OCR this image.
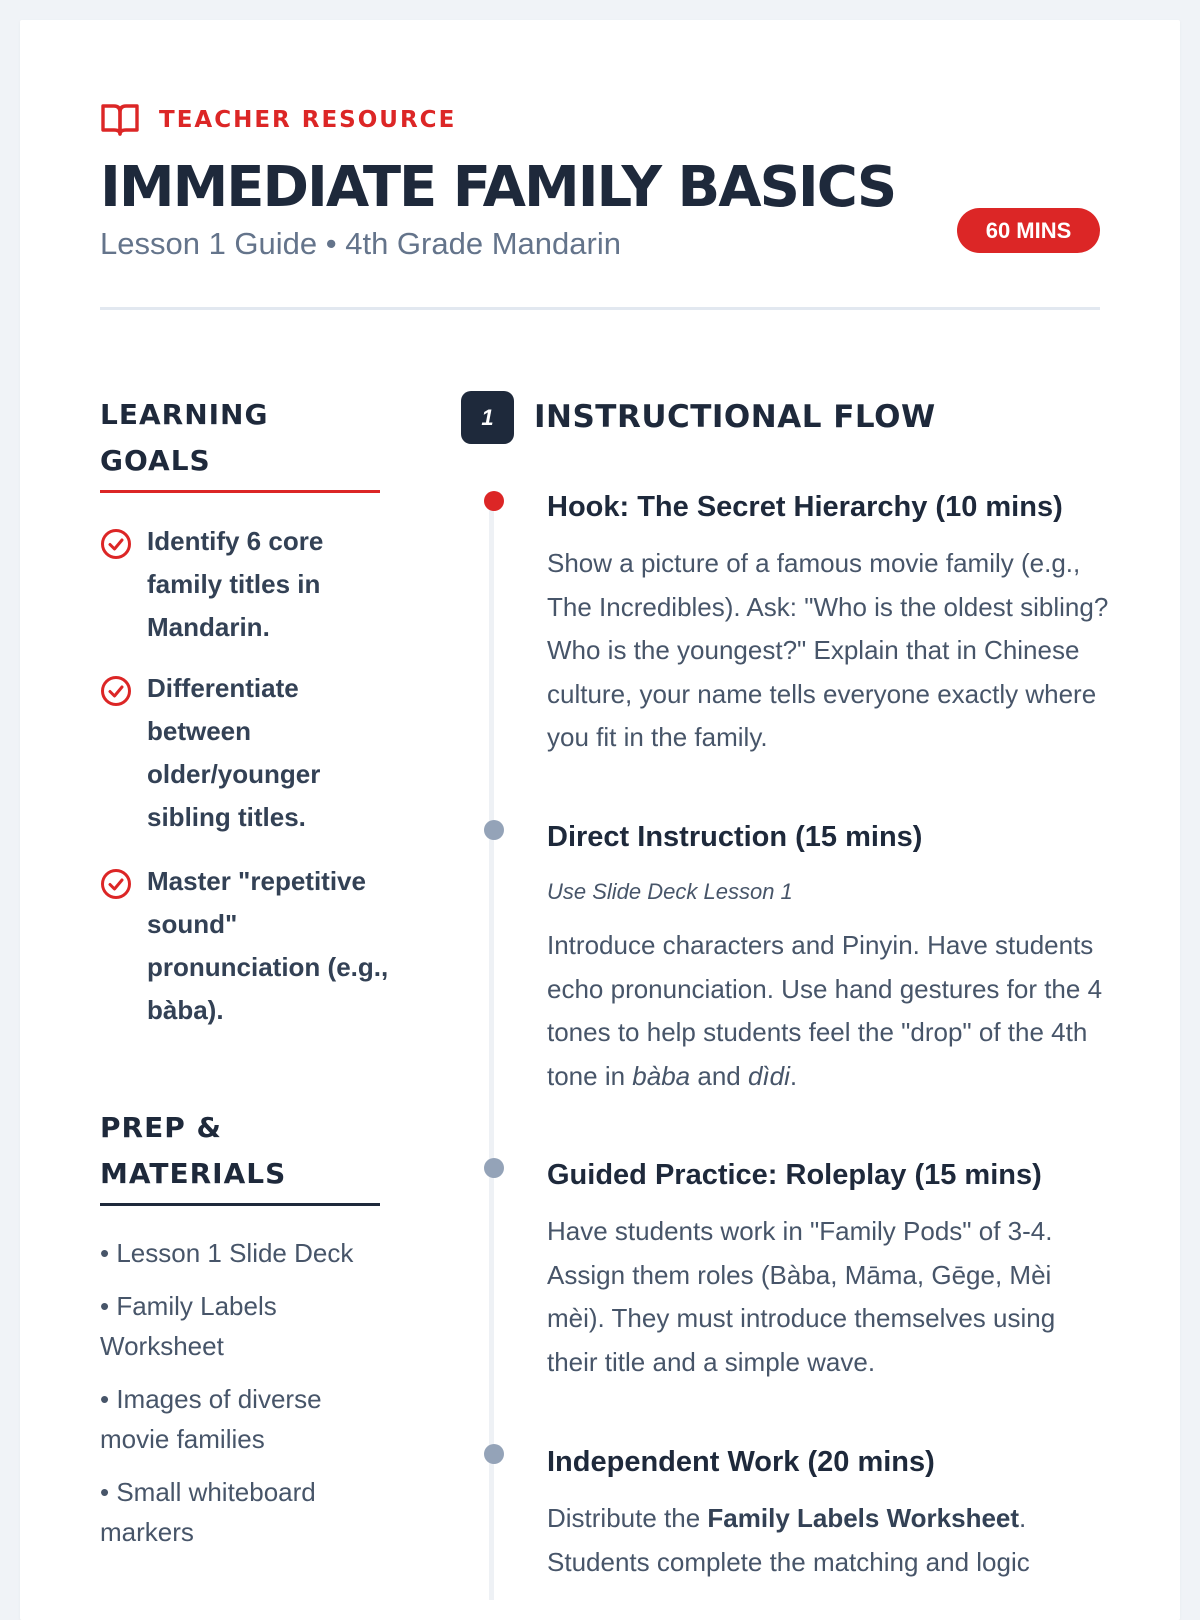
TEACHER RESOURCE
IMMEDIATE FAMILY BASICS

Lesson 1 Guide • 4th Grade Mandarin	60 MINS
LEARNING
GOALS
Identify 6 core family titles in Mandarin.
Differentiate between older/younger sibling titles.
Master "repetitive sound" pronunciation (e.g., bàba).
PREP &
MATERIALS
• Lesson 1 Slide Deck
• Family Labels Worksheet
• Images of diverse movie families
• Small whiteboard markers
1 INSTRUCTIONAL FLOW
Hook: The Secret Hierarchy (10 mins)

Show a picture of a famous movie family (e.g., The Incredibles). Ask: "Who is the oldest sibling? Who is the youngest?" Explain that in Chinese culture, your name tells everyone exactly where you fit in the family.

Direct Instruction (15 mins)
Use Slide Deck Lesson 1

Introduce characters and Pinyin. Have students echo pronunciation. Use hand gestures for the 4 tones to help students feel the "drop" of the 4th tone in bàba and dìdi.

Guided Practice: Roleplay (15 mins)

Have students work in "Family Pods" of 3-4. Assign them roles (Bàba, Māma, Gēge, Mèi mèi). They must introduce themselves using their title and a simple wave.

Independent Work (20 mins)

Distribute the Family Labels Worksheet. Students complete the matching and logic
